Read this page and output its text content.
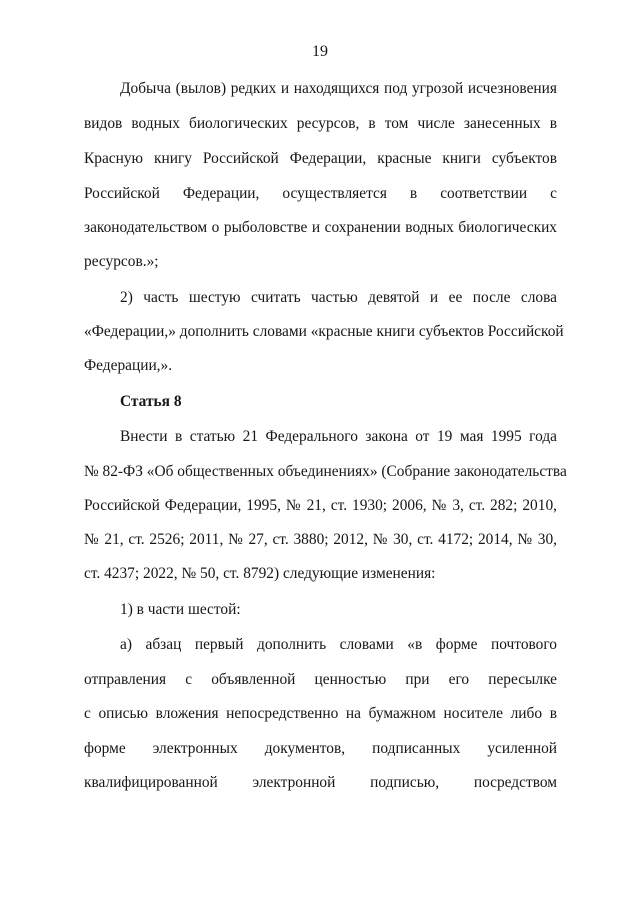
19
Добыча (вылов) редких и находящихся под угрозой исчезновения
видов водных биологических ресурсов, в том числе занесенных в
Красную книгу Российской Федерации, красные книги субъектов
Российской Федерации, осуществляется в соответствии с
законодательством о рыболовстве и сохранении водных биологических
ресурсов.»;
2) часть шестую считать частью девятой и ее после слова
«Федерации,» дополнить словами «красные книги субъектов Российской
Федерации,».
Статья 8
Внести в статью 21 Федерального закона от 19 мая 1995 года
№ 82-ФЗ «Об общественных объединениях» (Собрание законодательства
Российской Федерации, 1995, № 21, ст. 1930; 2006, № 3, ст. 282; 2010,
№ 21, ст. 2526; 2011, № 27, ст. 3880; 2012, № 30, ст. 4172; 2014, № 30,
ст. 4237; 2022, № 50, ст. 8792) следующие изменения:
1) в части шестой:
а) абзац первый дополнить словами «в форме почтового
отправления с объявленной ценностью при его пересылке
с описью вложения непосредственно на бумажном носителе либо в
форме электронных документов, подписанных усиленной
квалифицированной электронной подписью, посредством
